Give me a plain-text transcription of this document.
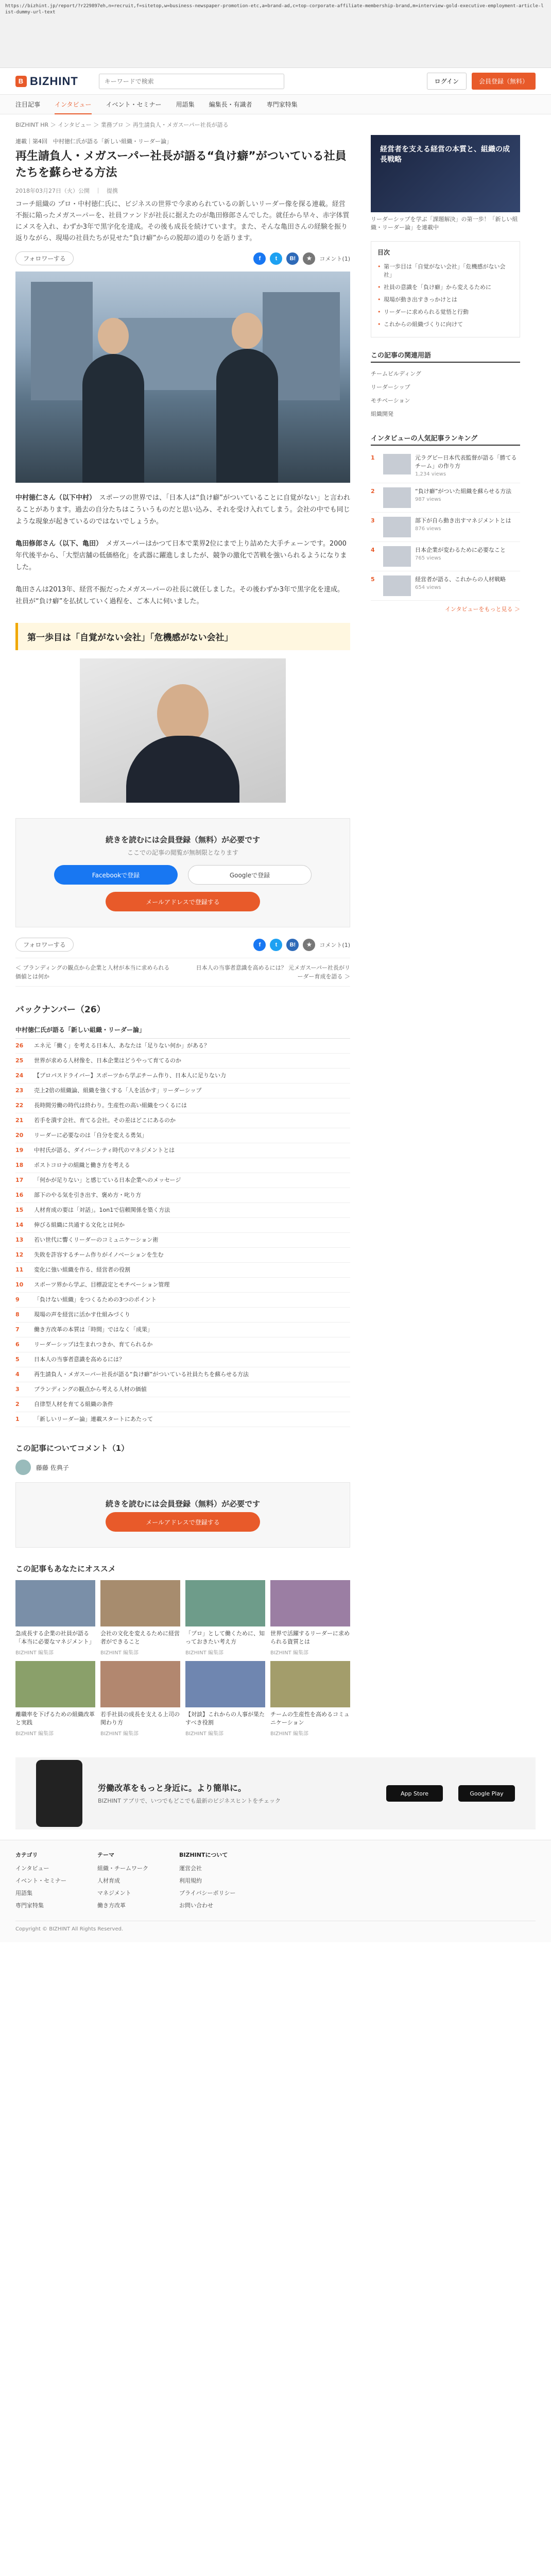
https://bizhint.jp/report/?r229897eh,n=recruit,f=sitetop,w=business-newspaper-promotion-etc,a=brand-ad,c=top-corporate-affiliate-membership-brand,m=interview-gold-executive-employment-article-list-dummy-url-text
B BIZHINT
キーワードで検索	ログイン	会員登録（無料）
注目記事 インタビュー イベント・セミナー 用語集 編集長・有識者 専門家特集
BIZHINT HR ＞ インタビュー ＞ 業務プロ ＞ 再生請負人・メガスーパー社長が語る
連載｜第4回　中村徳仁氏が語る「新しい組織・リーダー論」
再生請負人・メガスーパー社長が語る“負け癖”がついている社員たちを蘇らせる方法
2018年03月27日（火）公開　｜　提携

コーチ組織の プロ・中村徳仁氏に、ビジネスの世界で今求められているの新しいリーダー像を探る連載。経営不振に陥ったメガスーパーを、社員ファンドが社長に据えたのが亀田修郎さんでした。就任から早々、赤字体質にメスを入れ、わずか3年で黒字化を達成。その後も成長を続けています。また、そんな亀田さんの経験を振り返りながら、現場の社員たちが見せた“負け癖”からの脱却の道のりを語ります。

フォロワーする	f	t	B!	★	コメント(1)

中村徳仁さん（以下中村）　 スポーツの世界では、「日本人は“負け癖”がついていることに自覚がない」と言われることがあります。過去の自分たちはこういうものだと思い込み、それを受け入れてしまう。会社の中でも同じような現象が起きているのではないでしょうか。

亀田修郎さん（以下、亀田）　 メガスーパーはかつて日本で業界2位にまで上り詰めた大手チェーンです。2000年代後半から、「大型店舗の低価格化」を武器に躍進しましたが、競争の激化で苦戦を強いられるようになりました。

亀田さんは2013年、経営不振だったメガスーパーの社長に就任しました。その後わずか3年で黒字化を達成。社員が“負け癖”を払拭していく過程を、ご本人に伺いました。

第一歩目は「自覚がない会社」「危機感がない会社」
続きを読むには会員登録（無料）が必要です
ここでの記事の閲覧が無制限となります
Facebookで登録	Googleで登録
メールアドレスで登録する
フォロワーする	f	t	B!	★	コメント(1)
＜ ブランディングの観点から企業と人材が本当に求められる価値とは何か
日本人の当事者意識を高めるには？ 元メガスーパー社長がリーダー育成を語る ＞
バックナンバー（26）
中村徳仁氏が語る「新しい組織・リーダー論」
26	エネ元「働く」を考える日本人、あなたは「足りない何か」がある？
25	世界が求める人材像を、日本企業はどうやって育てるのか
24	【プロパスドライバー】スポーツから学ぶチーム作り、日本人に足りない力
23	売上2倍の組織論、組織を強くする「人を活かす」リーダーシップ
22	長時間労働の時代は終わり。生産性の高い組織をつくるには
21	若手を潰す会社、育てる会社。その差はどこにあるのか
20	リーダーに必要なのは「自分を変える勇気」
19	中村氏が語る、ダイバーシティ時代のマネジメントとは
18	ポストコロナの組織と働き方を考える
17	「何かが足りない」と感じている日本企業へのメッセージ
16	部下のやる気を引き出す、褒め方・叱り方
15	人材育成の要は「対話」。1on1で信頼関係を築く方法
14	伸びる組織に共通する文化とは何か
13	若い世代に響くリーダーのコミュニケーション術
12	失敗を許容するチーム作りがイノベーションを生む
11	変化に強い組織を作る、経営者の役割
10	スポーツ界から学ぶ、目標設定とモチベーション管理
9	「負けない組織」をつくるための3つのポイント
8	現場の声を経営に活かす仕組みづくり
7	働き方改革の本質は「時間」ではなく「成果」
6	リーダーシップは生まれつきか、育てられるか
5	日本人の当事者意識を高めるには？
4	再生請負人・メガスーパー社長が語る“負け癖”がついている社員たちを蘇らせる方法
3	ブランディングの観点から考える人材の価値
2	自律型人材を育てる組織の条件
1	「新しいリーダー論」連載スタートにあたって
この記事についてコメント（1）
藤藤 佐典子
続きを読むには会員登録（無料）が必要です
メールアドレスで登録する
この記事もあなたにオススメ
急成長する企業の社員が語る「本当に必要なマネジメント」
BIZHINT 編集部
会社の文化を変えるために経営者ができること
BIZHINT 編集部
「プロ」として働くために、知っておきたい考え方
BIZHINT 編集部
世界で活躍するリーダーに求められる資質とは
BIZHINT 編集部
離職率を下げるための組織改革と実践
BIZHINT 編集部
若手社員の成長を支える上司の関わり方
BIZHINT 編集部
【対談】これからの人事が果たすべき役割
BIZHINT 編集部
チームの生産性を高めるコミュニケーション
BIZHINT 編集部
経営者を支える経営の本質と、組織の成長戦略
リーダーシップを学ぶ「課題解決」の第一歩！「新しい組織・リーダー論」を連載中
目次
• 第一歩目は「自覚がない会社」「危機感がない会社」
• 社員の意識を「負け癖」から変えるために
• 現場が動き出すきっかけとは
• リーダーに求められる覚悟と行動
• これからの組織づくりに向けて
この記事の関連用語
チームビルディング
リーダーシップ
モチベーション
組織開発
インタビューの人気記事ランキング
1	元ラグビー日本代表監督が語る「勝てるチーム」の作り方
1,234 views
2	“負け癖”がついた組織を蘇らせる方法
987 views
3	部下が自ら動き出すマネジメントとは
876 views
4	日本企業が変わるために必要なこと
765 views
5	経営者が語る、これからの人材戦略
654 views
インタビューをもっと見る ＞
労働改革をもっと身近に。より簡単に。
BIZHINT アプリで、いつでもどこでも最新のビジネスヒントをチェック
App Store	Google Play
カテゴリ
インタビュー
イベント・セミナー
用語集
専門家特集
テーマ
組織・チームワーク
人材育成
マネジメント
働き方改革
BIZHINTについて
運営会社
利用規約
プライバシーポリシー
お問い合わせ
Copyright © BIZHINT All Rights Reserved.
